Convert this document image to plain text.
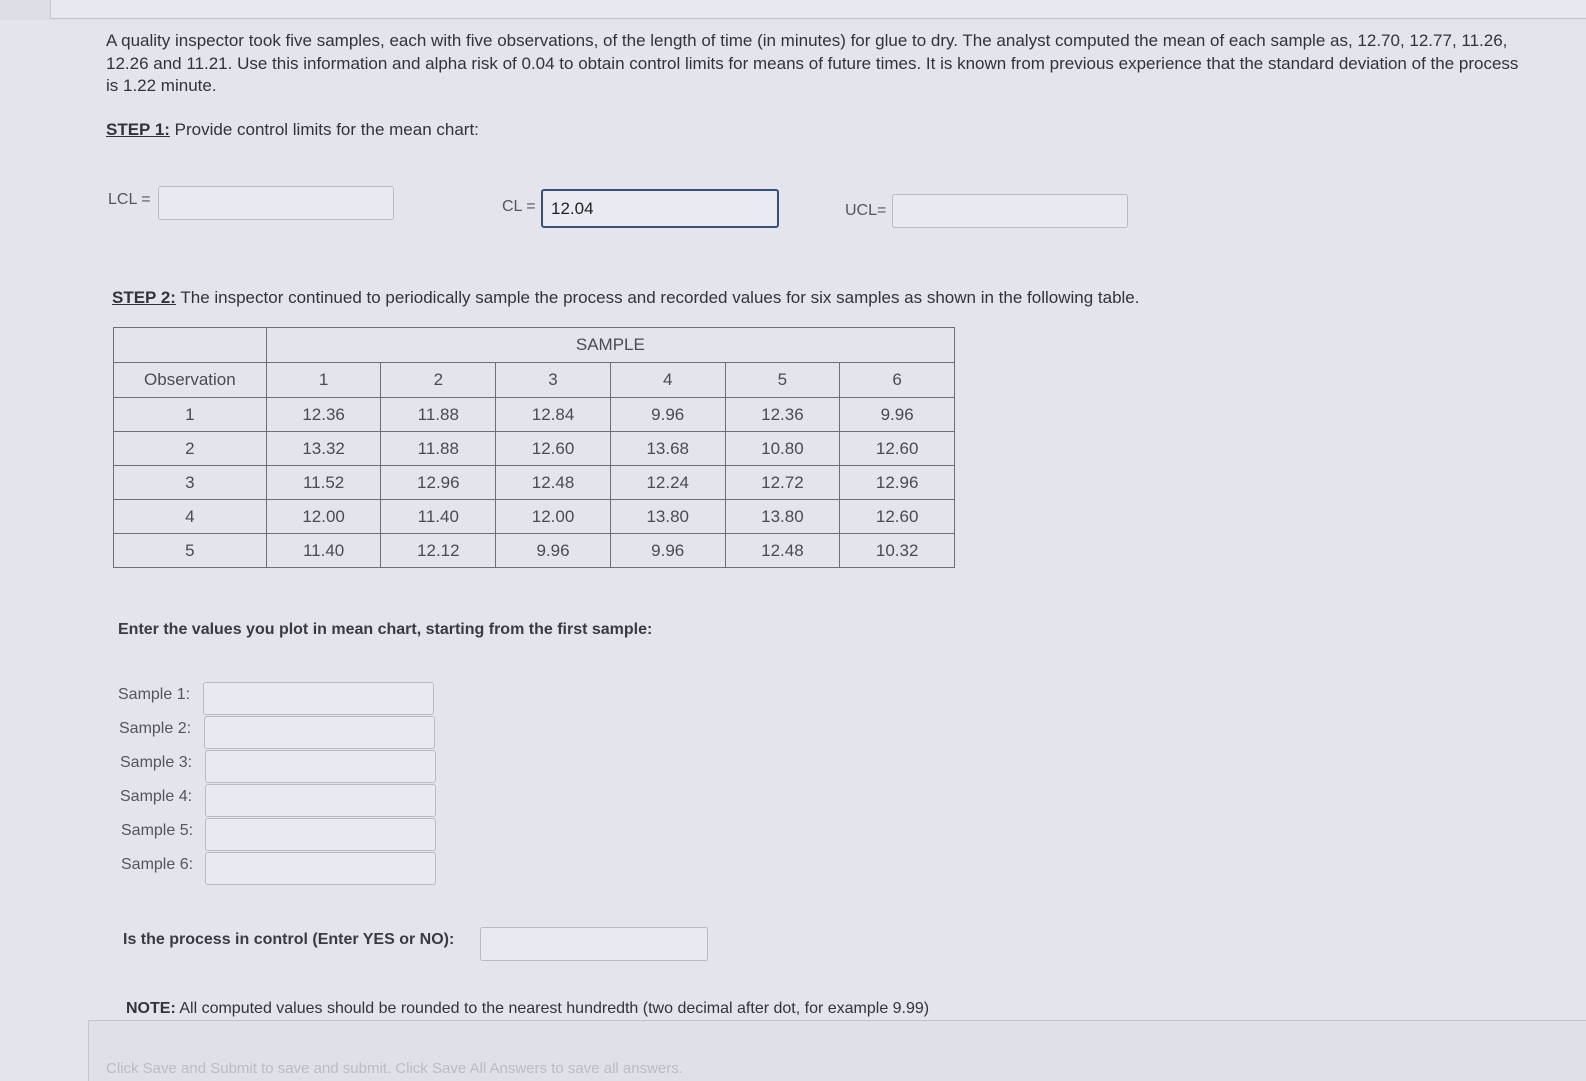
A quality inspector took five samples, each with five observations, of the length of time (in minutes) for glue to dry. The analyst computed the mean of each sample as, 12.70, 12.77, 11.26, 12.26 and 11.21. Use this information and alpha risk of 0.04 to obtain control limits for means of future times. It is known from previous experience that the standard deviation of the process is 1.22 minute.
STEP 1: Provide control limits for the mean chart:
LCL =	CL =
12.04	UCL=
STEP 2: The inspector continued to periodically sample the process and recorded values for six samples as shown in the following table.
	SAMPLE					
Observation	1	2	3	4	5	6
1	12.36	11.88	12.84	9.96	12.36	9.96
2	13.32	11.88	12.60	13.68	10.80	12.60
3	11.52	12.96	12.48	12.24	12.72	12.96
4	12.00	11.40	12.00	13.80	13.80	12.60
5	11.40	12.12	9.96	9.96	12.48	10.32
Enter the values you plot in mean chart, starting from the first sample:
Sample 1:
Sample 2:
Sample 3:
Sample 4:
Sample 5:
Sample 6:
Is the process in control (Enter YES or NO):
NOTE: All computed values should be rounded to the nearest hundredth (two decimal after dot, for example 9.99)
Click Save and Submit to save and submit. Click Save All Answers to save all answers.
